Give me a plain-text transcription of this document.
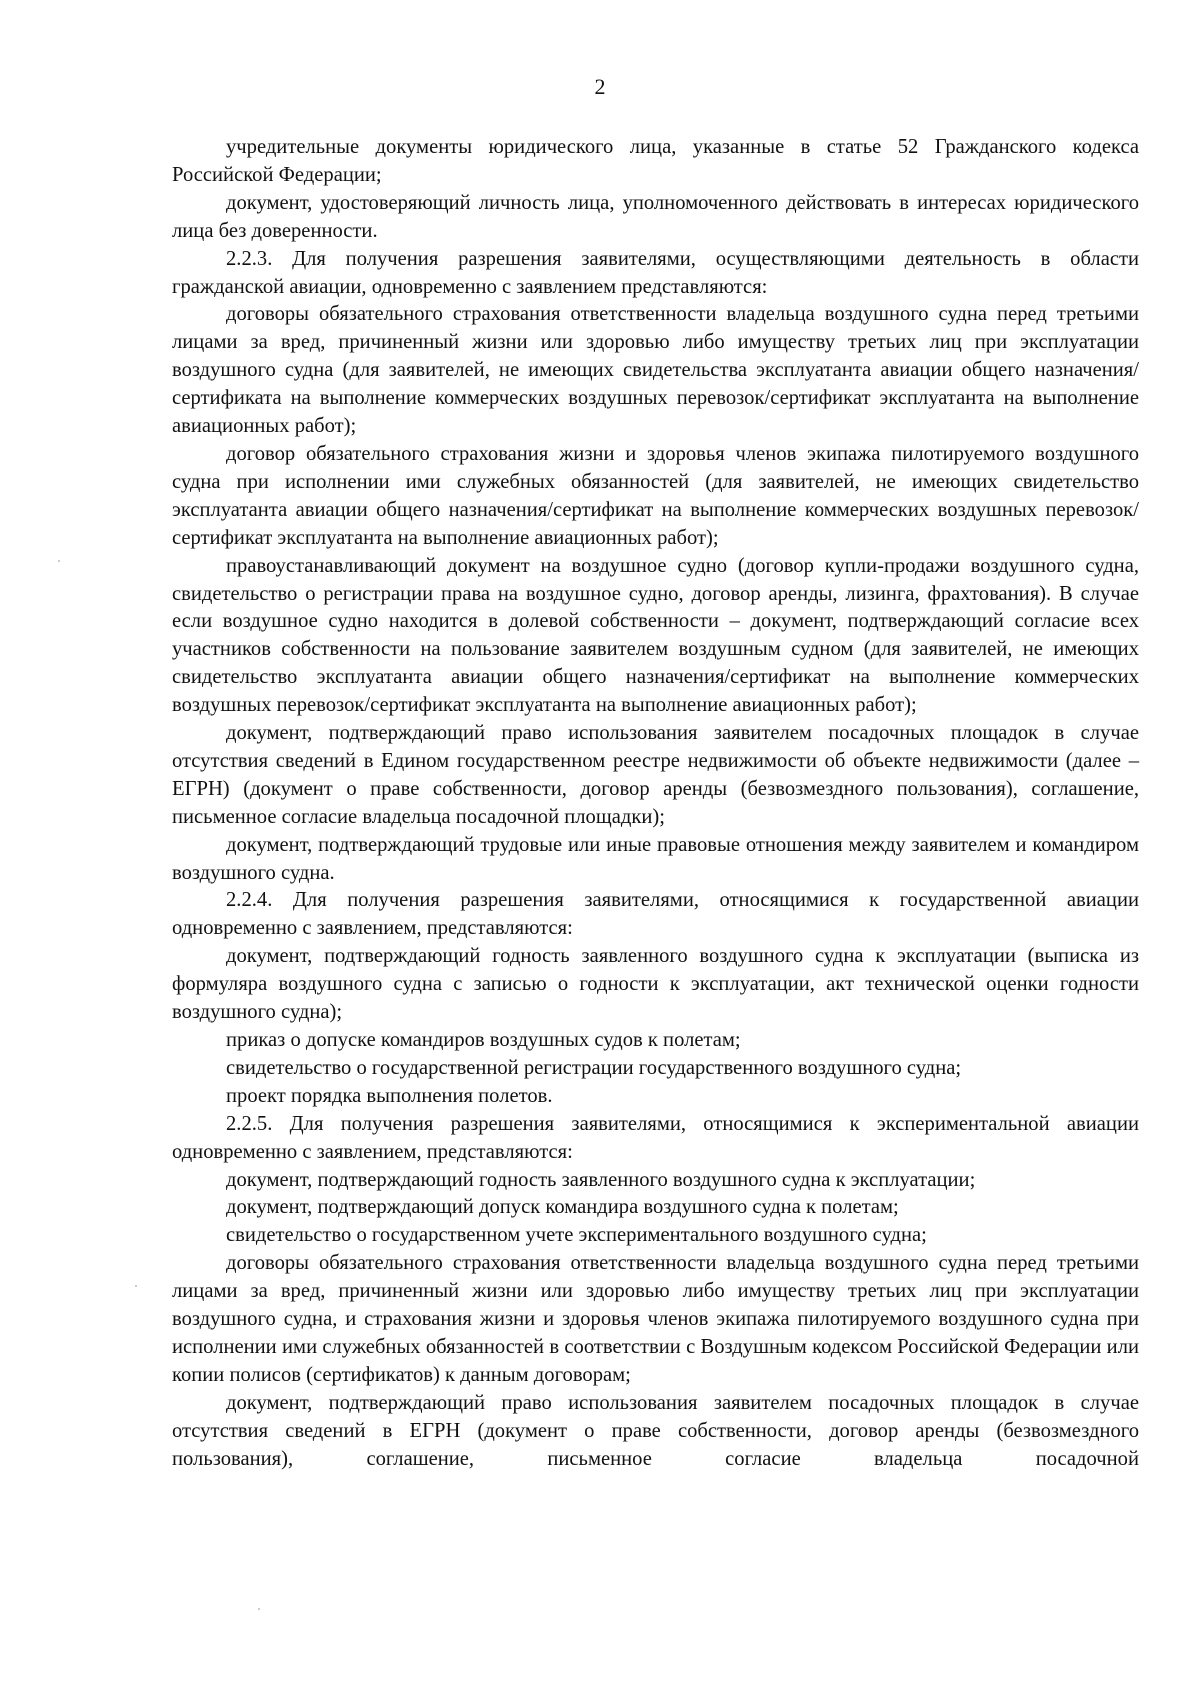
2

учредительные документы юридического лица, указанные в статье 52 Гражданского кодекса Российской Федерации;

документ, удостоверяющий личность лица, уполномоченного действовать в интересах юридического лица без доверенности.

2.2.3. Для получения разрешения заявителями, осуществляющими деятельность в области гражданской авиации, одновременно с заявлением представляются:

договоры обязательного страхования ответственности владельца воздушного судна перед третьими лицами за вред, причиненный жизни или здоровью либо имуществу третьих лиц при эксплуатации воздушного судна (для заявителей, не имеющих свидетельства эксплуатанта авиации общего назначения/сертификата на выполнение коммерческих воздушных перевозок/сертификат эксплуатанта на выполнение авиационных работ);

договор обязательного страхования жизни и здоровья членов экипажа пилотируемого воздушного судна при исполнении ими служебных обязанностей (для заявителей, не имеющих свидетельство эксплуатанта авиации общего назначения/сертификат на выполнение коммерческих воздушных перевозок/сертификат эксплуатанта на выполнение авиационных работ);

правоустанавливающий документ на воздушное судно (договор купли-продажи воздушного судна, свидетельство о регистрации права на воздушное судно, договор аренды, лизинга, фрахтования). В случае если воздушное судно находится в долевой собственности – документ, подтверждающий согласие всех участников собственности на пользование заявителем воздушным судном (для заявителей, не имеющих свидетельство эксплуатанта авиации общего назначения/сертификат на выполнение коммерческих воздушных перевозок/сертификат эксплуатанта на выполнение авиационных работ);

документ, подтверждающий право использования заявителем посадочных площадок в случае отсутствия сведений в Едином государственном реестре недвижимости об объекте недвижимости (далее – ЕГРН) (документ о праве собственности, договор аренды (безвозмездного пользования), соглашение, письменное согласие владельца посадочной площадки);

документ, подтверждающий трудовые или иные правовые отношения между заявителем и командиром воздушного судна.

2.2.4. Для получения разрешения заявителями, относящимися к государственной авиации одновременно с заявлением, представляются:

документ, подтверждающий годность заявленного воздушного судна к эксплуатации (выписка из формуляра воздушного судна с записью о годности к эксплуатации, акт технической оценки годности воздушного судна);

приказ о допуске командиров воздушных судов к полетам;

свидетельство о государственной регистрации государственного воздушного судна;

проект порядка выполнения полетов.

2.2.5. Для получения разрешения заявителями, относящимися к экспериментальной авиации одновременно с заявлением, представляются:

документ, подтверждающий годность заявленного воздушного судна к эксплуатации;

документ, подтверждающий допуск командира воздушного судна к полетам;

свидетельство о государственном учете экспериментального воздушного судна;

договоры обязательного страхования ответственности владельца воздушного судна перед третьими лицами за вред, причиненный жизни или здоровью либо имуществу третьих лиц при эксплуатации воздушного судна, и страхования жизни и здоровья членов экипажа пилотируемого воздушного судна при исполнении ими служебных обязанностей в соответствии с Воздушным кодексом Российской Федерации или копии полисов (сертификатов) к данным договорам;

документ, подтверждающий право использования заявителем посадочных площадок в случае отсутствия сведений в ЕГРН (документ о праве собственности, договор аренды (безвозмездного пользования), соглашение, письменное согласие владельца посадочной
